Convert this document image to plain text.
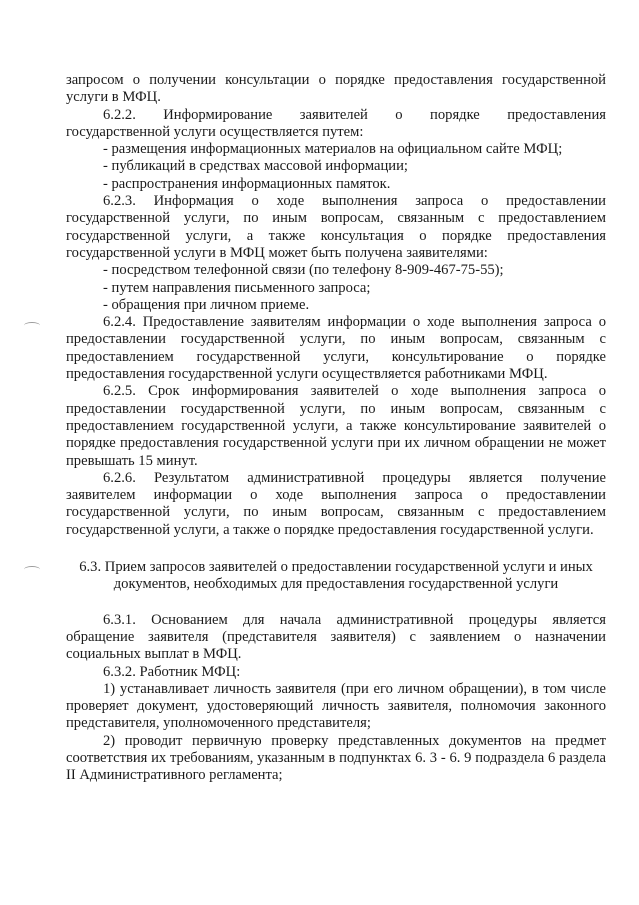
запросом о получении консультации о порядке предоставления государственной услуги в МФЦ.

6.2.2. Информирование заявителей о порядке предоставления

государственной услуги осуществляется путем:

- размещения информационных материалов на официальном сайте МФЦ;

- публикаций в средствах массовой информации;

- распространения информационных памяток.

6.2.3. Информация о ходе выполнения запроса о предоставлении государственной услуги, по иным вопросам, связанным с предоставлением государственной услуги, а также консультация о порядке предоставления государственной услуги в МФЦ может быть получена заявителями:

- посредством телефонной связи (по телефону 8-909-467-75-55);

- путем направления письменного запроса;

- обращения при личном приеме.

6.2.4. Предоставление заявителям информации о ходе выполнения запроса о предоставлении государственной услуги, по иным вопросам, связанным с предоставлением государственной услуги, консультирование о порядке предоставления государственной услуги осуществляется работниками МФЦ.

6.2.5. Срок информирования заявителей о ходе выполнения запроса о предоставлении государственной услуги, по иным вопросам, связанным с предоставлением государственной услуги, а также консультирование заявителей о порядке предоставления государственной услуги при их личном обращении не может превышать 15 минут.

6.2.6. Результатом административной процедуры является получение заявителем информации о ходе выполнения запроса о предоставлении государственной услуги, по иным вопросам, связанным с предоставлением государственной услуги, а также о порядке предоставления государственной услуги.

6.3. Прием запросов заявителей о предоставлении государственной услуги и иных документов, необходимых для предоставления государственной услуги

6.3.1. Основанием для начала административной процедуры является обращение заявителя (представителя заявителя) с заявлением о назначении социальных выплат в МФЦ.

6.3.2. Работник МФЦ:

1) устанавливает личность заявителя (при его личном обращении), в том числе проверяет документ, удостоверяющий личность заявителя, полномочия законного представителя, уполномоченного представителя;

2) проводит первичную проверку представленных документов на предмет соответствия их требованиям, указанным в подпунктах 6. 3 - 6. 9 подраздела 6 раздела II Административного регламента;
